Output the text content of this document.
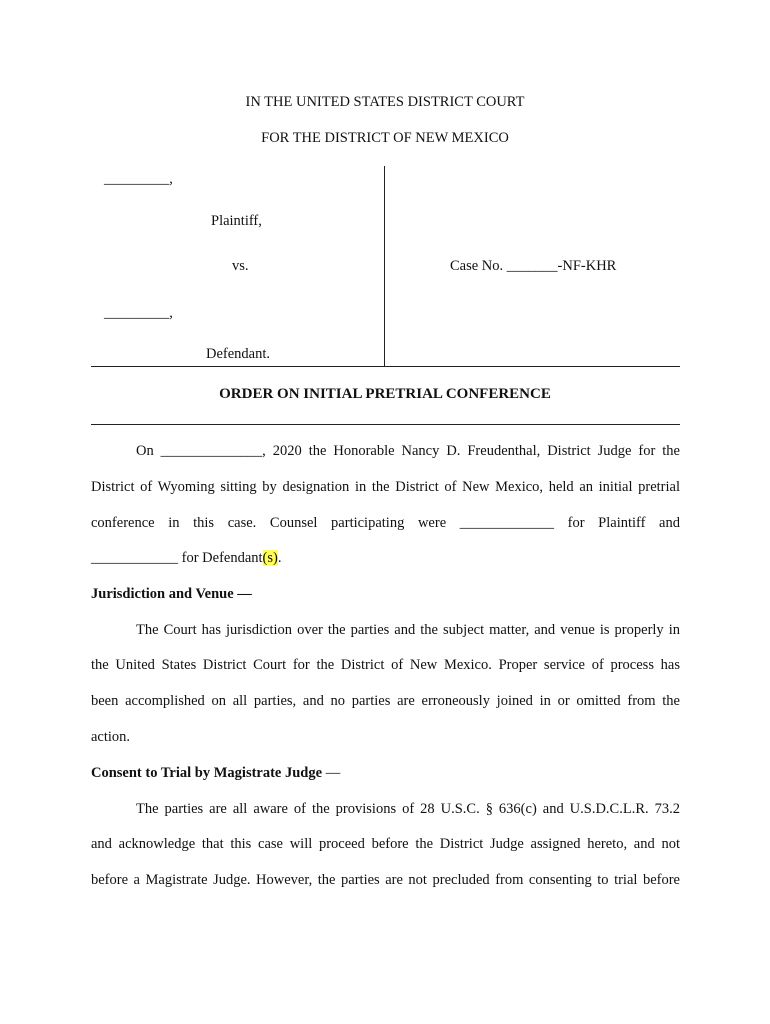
IN THE UNITED STATES DISTRICT COURT
FOR THE DISTRICT OF NEW MEXICO
_________,
Plaintiff,
vs.
_________,
Defendant.
Case No. _______-NF-KHR
ORDER ON INITIAL PRETRIAL CONFERENCE
On ______________, 2020 the Honorable Nancy D. Freudenthal, District Judge for the
District of Wyoming sitting by designation in the District of New Mexico, held an initial pretrial
conference in this case. Counsel participating were _____________ for Plaintiff and
____________ for Defendant(s).
Jurisdiction and Venue —
The Court has jurisdiction over the parties and the subject matter, and venue is properly in
the United States District Court for the District of New Mexico. Proper service of process has
been accomplished on all parties, and no parties are erroneously joined in or omitted from the
action.
Consent to Trial by Magistrate Judge —
The parties are all aware of the provisions of 28 U.S.C. § 636(c) and U.S.D.C.L.R. 73.2
and acknowledge that this case will proceed before the District Judge assigned hereto, and not
before a Magistrate Judge. However, the parties are not precluded from consenting to trial before
